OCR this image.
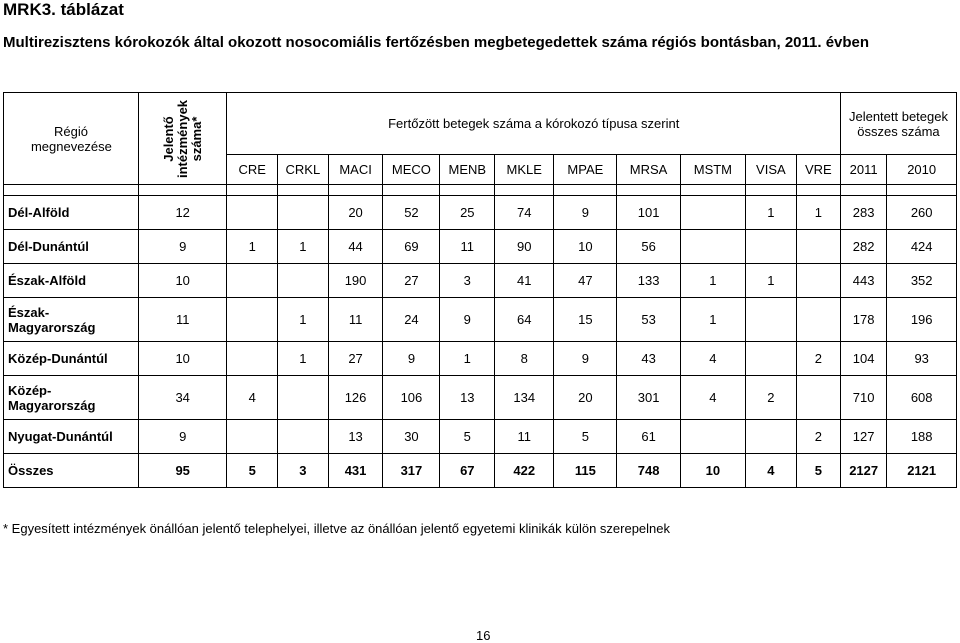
MRK3. táblázat
Multirezisztens kórokozók által okozott nosocomiális fertőzésben megbetegedettek száma régiós bontásban, 2011. évben
Régió megnevezése	Jelentő intézmények száma*	Fertőzött betegek száma a kórokozó típusa szerint											Jelentett betegek összes száma	
		CRE	CRKL	MACI	MECO	MENB	MKLE	MPAE	MRSA	MSTM	VISA	VRE	2011	2010

Dél-Alföld	12			20	52	25	74	9	101		1	1	283	260
Dél-Dunántúl	9	1	1	44	69	11	90	10	56				282	424
Észak-Alföld	10			190	27	3	41	47	133	1	1		443	352
Észak-​Magyarország	11		1	11	24	9	64	15	53	1			178	196
Közép-Dunántúl	10		1	27	9	1	8	9	43	4		2	104	93
Közép-​Magyarország	34	4		126	106	13	134	20	301	4	2		710	608
Nyugat-Dunántúl	9			13	30	5	11	5	61			2	127	188
Összes	95	5	3	431	317	67	422	115	748	10	4	5	2127	2121
* Egyesített intézmények önállóan jelentő telephelyei, illetve az önállóan jelentő egyetemi klinikák külön szerepelnek
16
